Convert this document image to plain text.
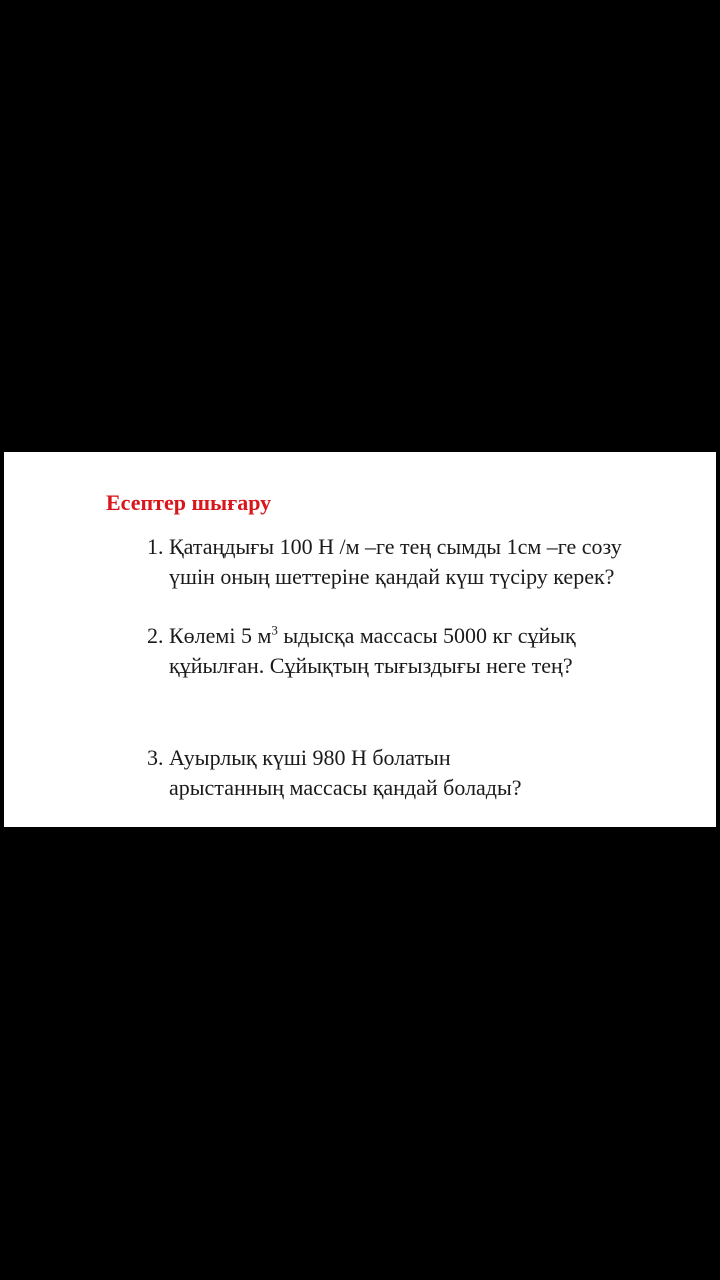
Есептер шығару
1. Қатаңдығы 100 Н /м –ге тең сымды 1см –ге созу
үшін оның шеттеріне қандай күш түсіру керек?
2. Көлемі 5 $м^3$ ыдысқа массасы 5000 кг сұйық
құйылған. Сұйықтың тығыздығы неге тең?
3. Ауырлық күші 980 Н болатын
арыстанның массасы қандай болады?
